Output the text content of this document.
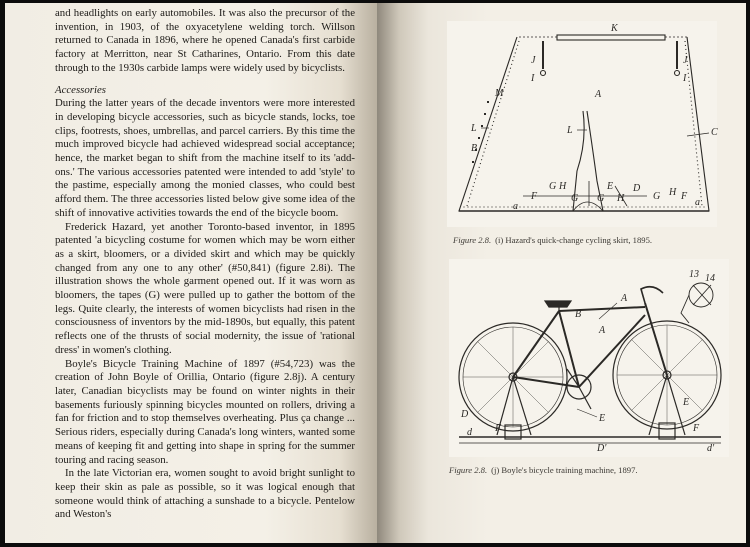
and headlights on early automobiles. It was also the precursor of the invention, in 1903, of the oxyacetylene welding torch. Willson returned to Canada in 1896, where he opened Canada's first carbide factory at Merritton, near St Catharines, Ontario. From this date through to the 1930s carbide lamps were widely used by bicyclists.

Accessories

During the latter years of the decade inventors were more interested in developing bicycle accessories, such as bicycle stands, locks, toe clips, footrests, shoes, umbrellas, and parcel carriers. By this time the much improved bicycle had achieved widespread social acceptance; hence, the market began to shift from the machine itself to its 'add-ons.' The various accessories patented were intended to add 'style' to the pastime, especially among the monied classes, who could best afford them. The three accessories listed below give some idea of the shift of innovative activities towards the end of the bicycle boom.

Frederick Hazard, yet another Toronto-based inventor, in 1895 patented 'a bicycling costume for women which may be worn either as a skirt, bloomers, or a divided skirt and which may be quickly changed from any one to any other' (#50,841) (figure 2.8i). The illustration shows the whole garment opened out. If it was worn as bloomers, the tapes (G) were pulled up to gather the bottom of the legs. Quite clearly, the interests of women bicyclists had risen in the consciousness of inventors by the mid-1890s, but equally, this patent reflects one of the thrusts of social modernity, the issue of 'rational dress' in women's clothing.

Boyle's Bicycle Training Machine of 1897 (#54,723) was the creation of John Boyle of Orillia, Ontario (figure 2.8j). A century later, Canadian bicyclists may be found on winter nights in their basements furiously spinning bicycles mounted on rollers, driving a fan for friction and to stop themselves overheating. Plus ça change ... Serious riders, especially during Canada's long winters, wanted some means of keeping fit and getting into shape in spring for the summer touring and racing season.

In the late Victorian era, women sought to avoid bright sunlight to keep their skin as pale as possible, so it was logical enough that someone would think of attaching a sunshade to a bicycle. Pentelow and Weston's

K
J	J
I	I
M	A
L	L
B
C
E D
G H
G H
F
a	a
F
G H
G
Figure 2.8. (i) Hazard's quick-change cycling skirt, 1895.
A
A
B
D	E
E
F	F
d
d'
D'
13 14
Figure 2.8. (j) Boyle's bicycle training machine, 1897.
